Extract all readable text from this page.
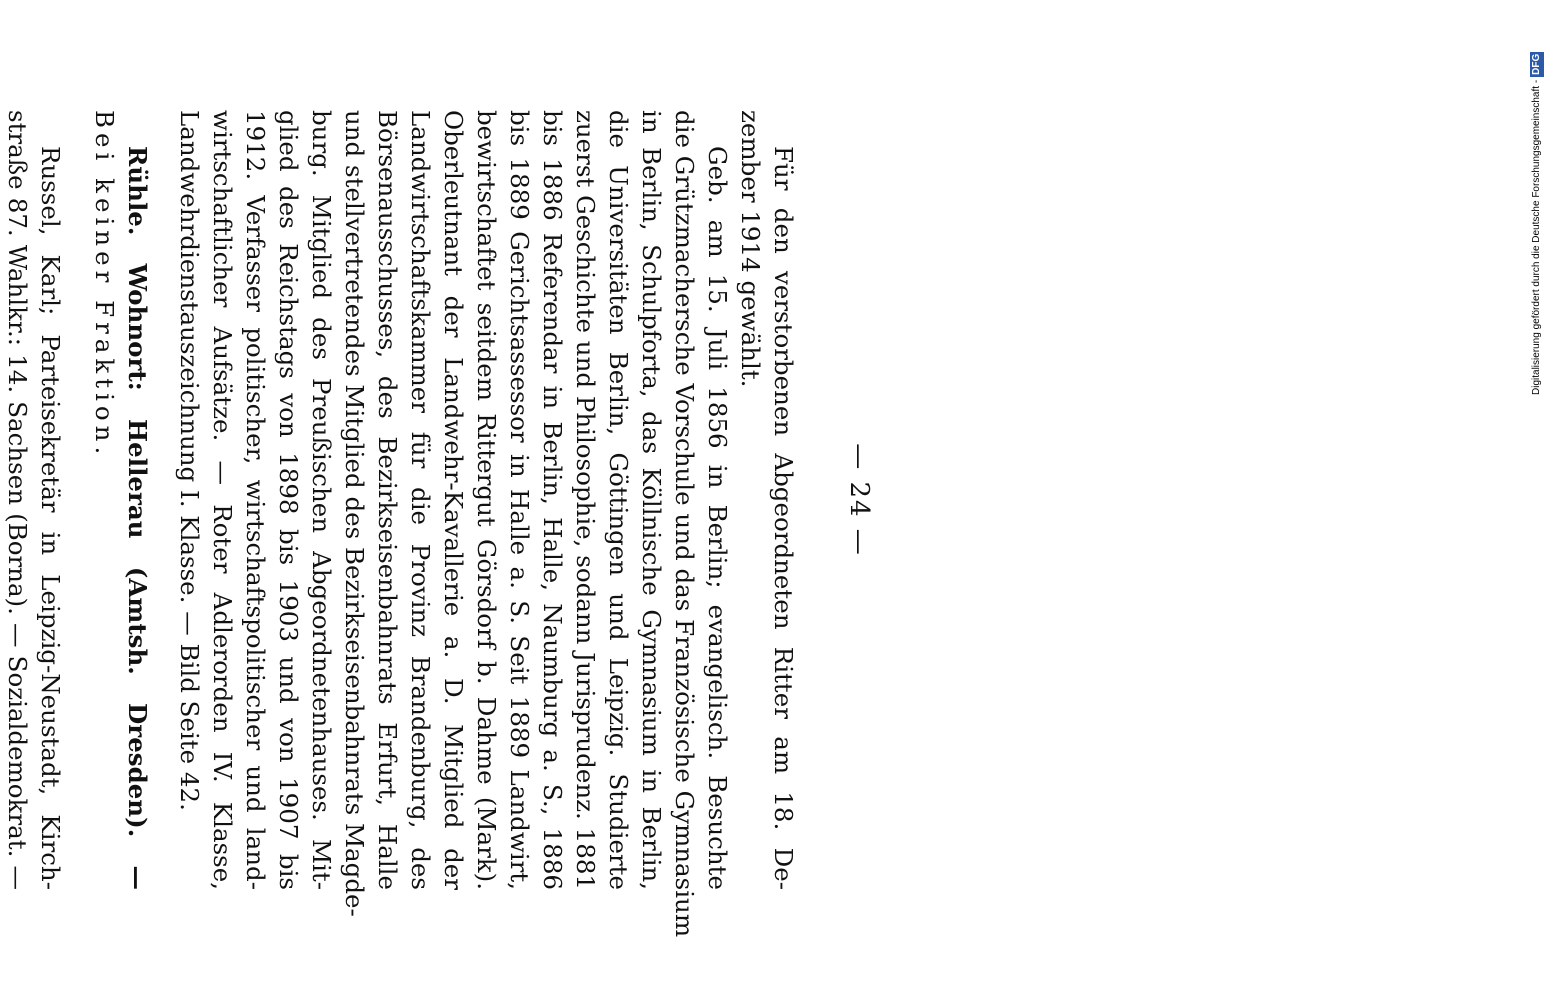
— 24 —
Für den verstorbenen Abgeordneten Ritter am 18. De-
zember 1914 gewählt.
Geb. am 15. Juli 1856 in Berlin; evangelisch. Besuchte
die Grützmachersche Vorschule und das Französische Gymnasium
in Berlin, Schulpforta, das Köllnische Gymnasium in Berlin,
die Universitäten Berlin, Göttingen und Leipzig. Studierte
zuerst Geschichte und Philosophie, sodann Jurisprudenz. 1881
bis 1886 Referendar in Berlin, Halle, Naumburg a. S., 1886
bis 1889 Gerichtsassessor in Halle a. S. Seit 1889 Landwirt,
bewirtschaftet seitdem Rittergut Görsdorf b. Dahme (Mark).
Oberleutnant der Landwehr-Kavallerie a. D. Mitglied der
Landwirtschaftskammer für die Provinz Brandenburg, des
Börsenausschusses, des Bezirkseisenbahnrats Erfurt, Halle
und stellvertretendes Mitglied des Bezirkseisenbahnrats Magde-
burg. Mitglied des Preußischen Abgeordnetenhauses. Mit-
glied des Reichstags von 1898 bis 1903 und von 1907 bis
1912. Verfasser politischer, wirtschaftspolitischer und land-
wirtschaftlicher Aufsätze. — Roter Adlerorden IV. Klasse,
Landwehrdienstauszeichnung I. Klasse. — Bild Seite 42.
Rühle. Wohnort: Hellerau (Amtsh. Dresden). —
Bei keiner Fraktion.
Russel, Karl; Parteisekretär in Leipzig-Neustadt, Kirch-
straße 87. Wahlkr.: 14. Sachsen (Borna). — Sozialdemokrat. —	Digitalisierung gefördert durch die Deutsche Forschungsgemeinschaft -DFG
